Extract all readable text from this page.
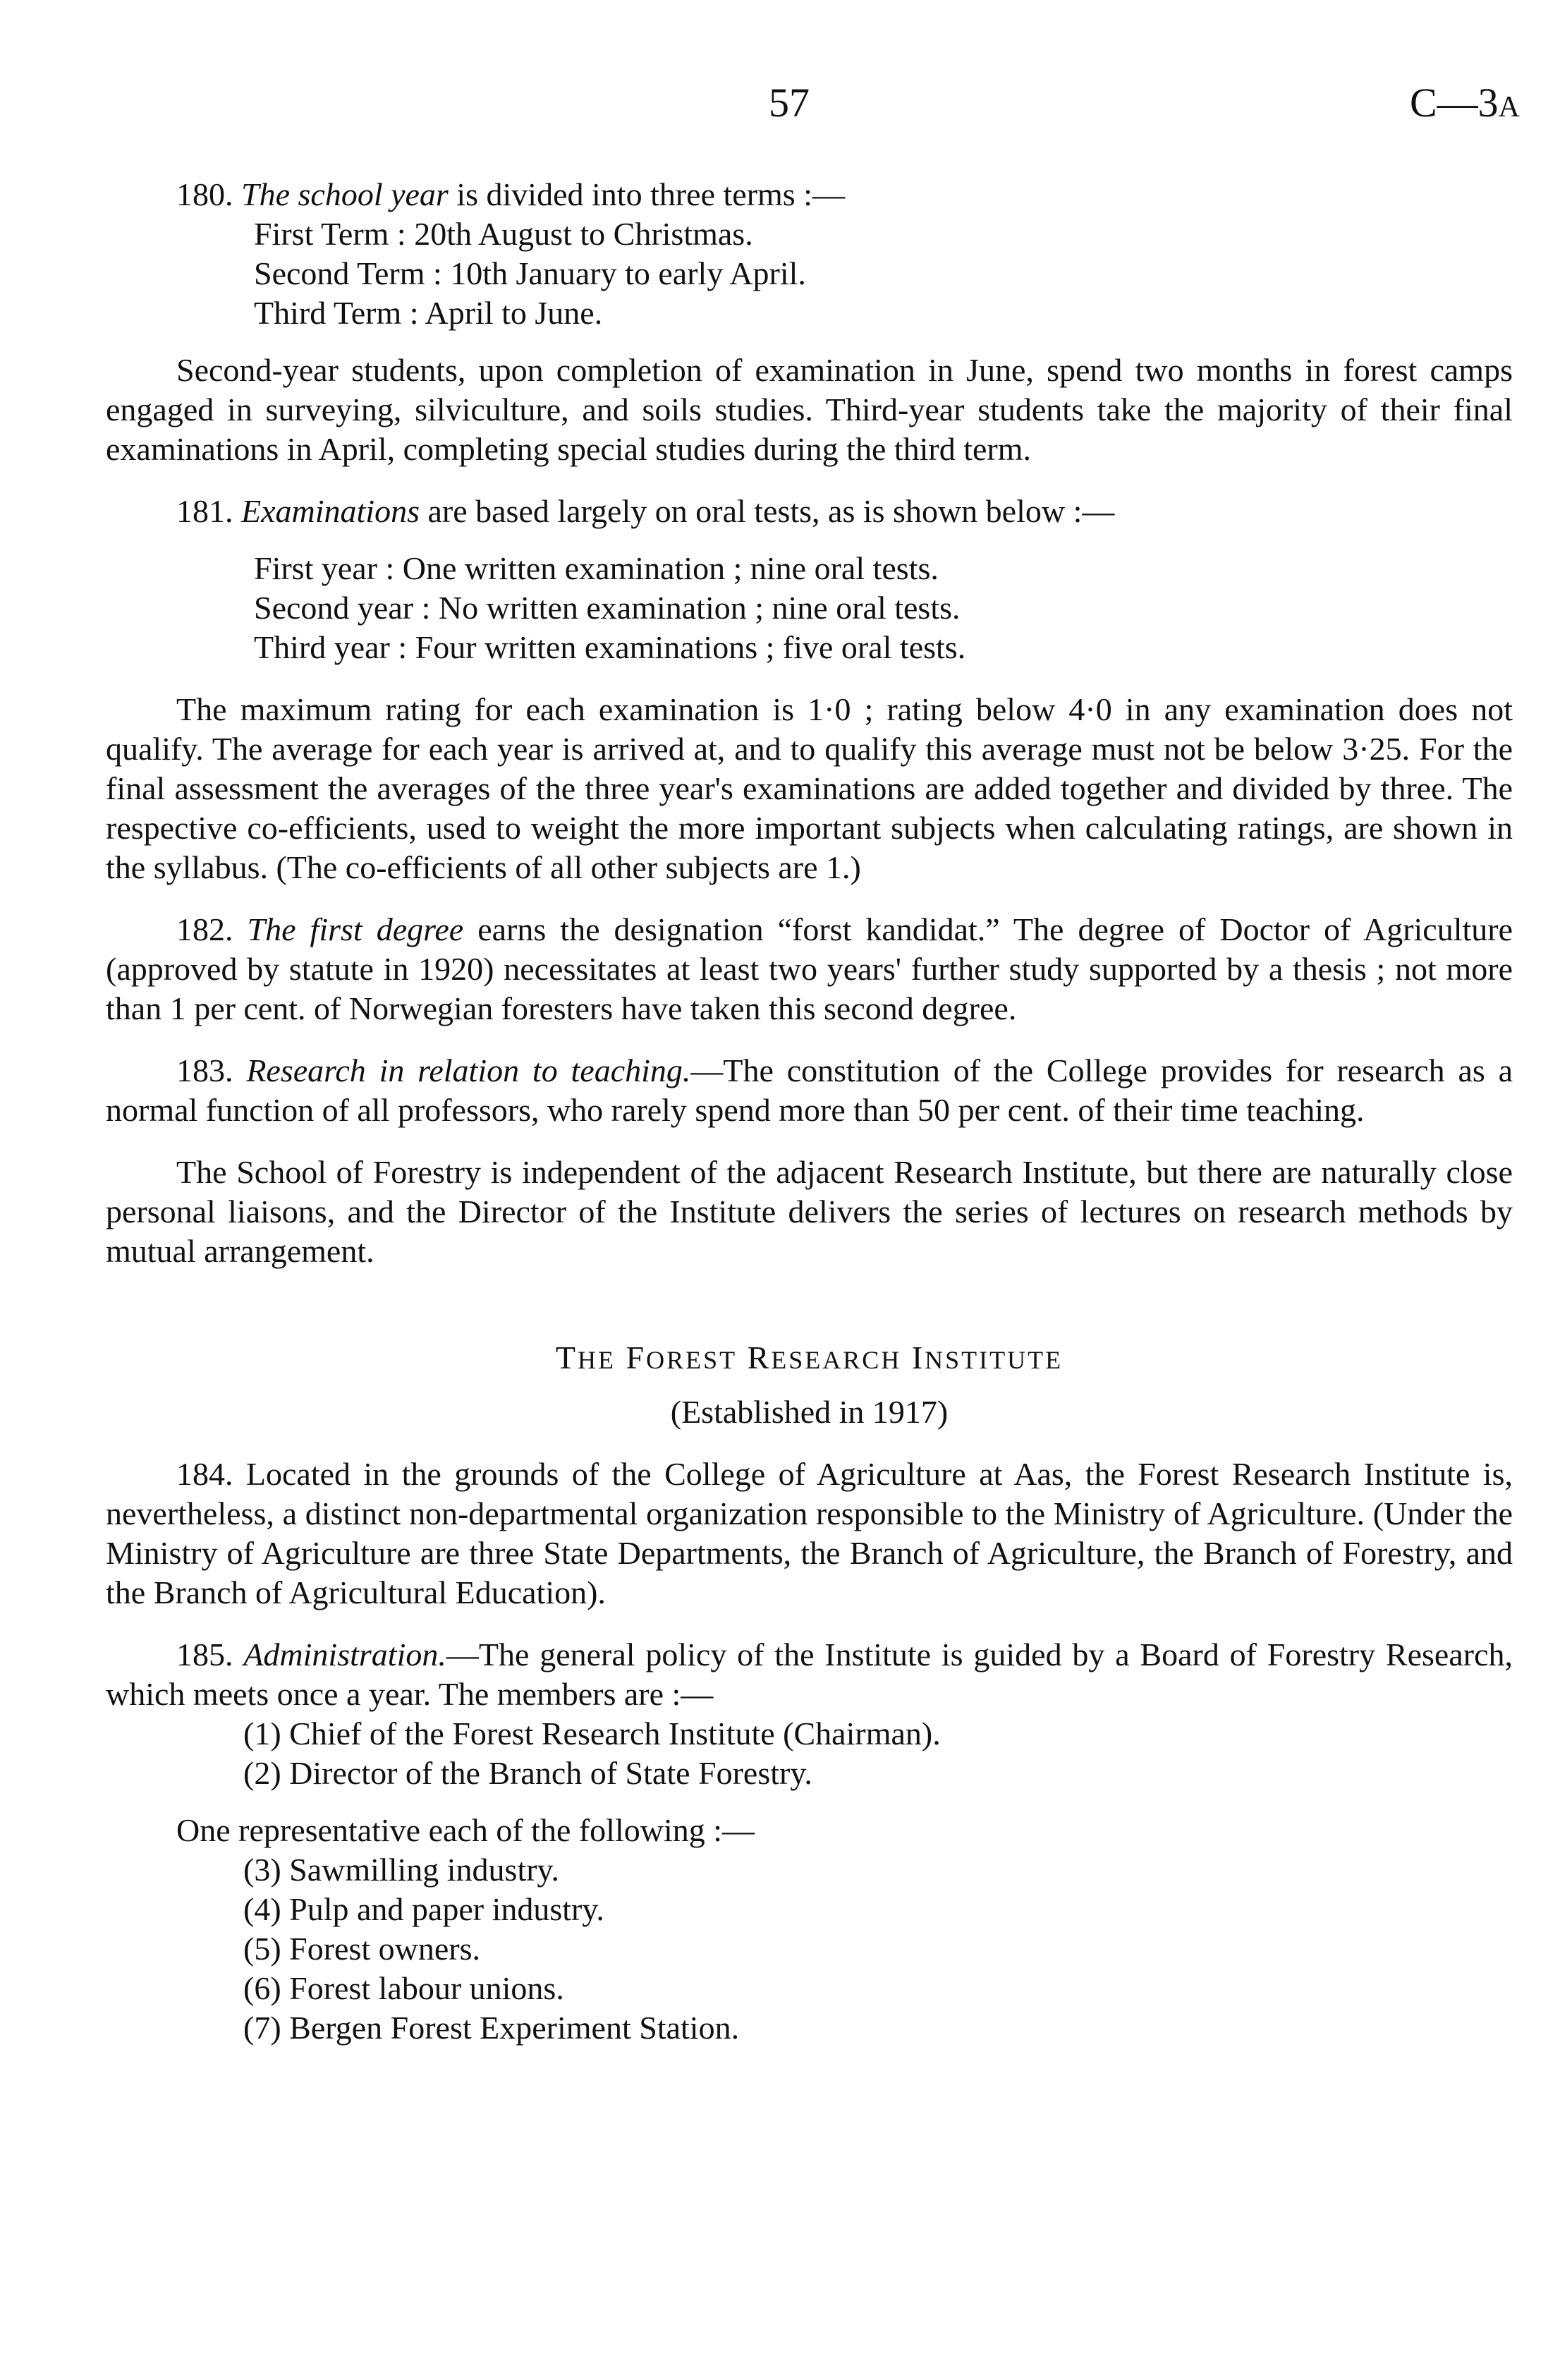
57	C—3A

180. The school year is divided into three terms :—

First Term : 20th August to Christmas.
Second Term : 10th January to early April.
Third Term : April to June.

Second-year students, upon completion of examination in June, spend two months in forest camps engaged in surveying, silviculture, and soils studies. Third-year students take the majority of their final examinations in April, completing special studies during the third term.

181. Examinations are based largely on oral tests, as is shown below :—

First year : One written examination ; nine oral tests.
Second year : No written examination ; nine oral tests.
Third year : Four written examinations ; five oral tests.

The maximum rating for each examination is 1·0 ; rating below 4·0 in any examination does not qualify. The average for each year is arrived at, and to qualify this average must not be below 3·25. For the final assessment the averages of the three year's examinations are added together and divided by three. The respective co-efficients, used to weight the more important subjects when calculating ratings, are shown in the syllabus. (The co-efficients of all other subjects are 1.)

182. The first degree earns the designation “forst kandidat.” The degree of Doctor of Agriculture (approved by statute in 1920) necessitates at least two years' further study supported by a thesis ; not more than 1 per cent. of Norwegian foresters have taken this second degree.

183. Research in relation to teaching.—The constitution of the College provides for research as a normal function of all professors, who rarely spend more than 50 per cent. of their time teaching.

The School of Forestry is independent of the adjacent Research Institute, but there are naturally close personal liaisons, and the Director of the Institute delivers the series of lectures on research methods by mutual arrangement.

THE FOREST RESEARCH INSTITUTE
(Established in 1917)

184. Located in the grounds of the College of Agriculture at Aas, the Forest Research Institute is, nevertheless, a distinct non-departmental organization responsible to the Ministry of Agriculture. (Under the Ministry of Agriculture are three State Departments, the Branch of Agriculture, the Branch of Forestry, and the Branch of Agricultural Education).

185. Administration.—The general policy of the Institute is guided by a Board of Forestry Research, which meets once a year. The members are :—

(1) Chief of the Forest Research Institute (Chairman).
(2) Director of the Branch of State Forestry.

One representative each of the following :—

(3) Sawmilling industry.
(4) Pulp and paper industry.
(5) Forest owners.
(6) Forest labour unions.
(7) Bergen Forest Experiment Station.
